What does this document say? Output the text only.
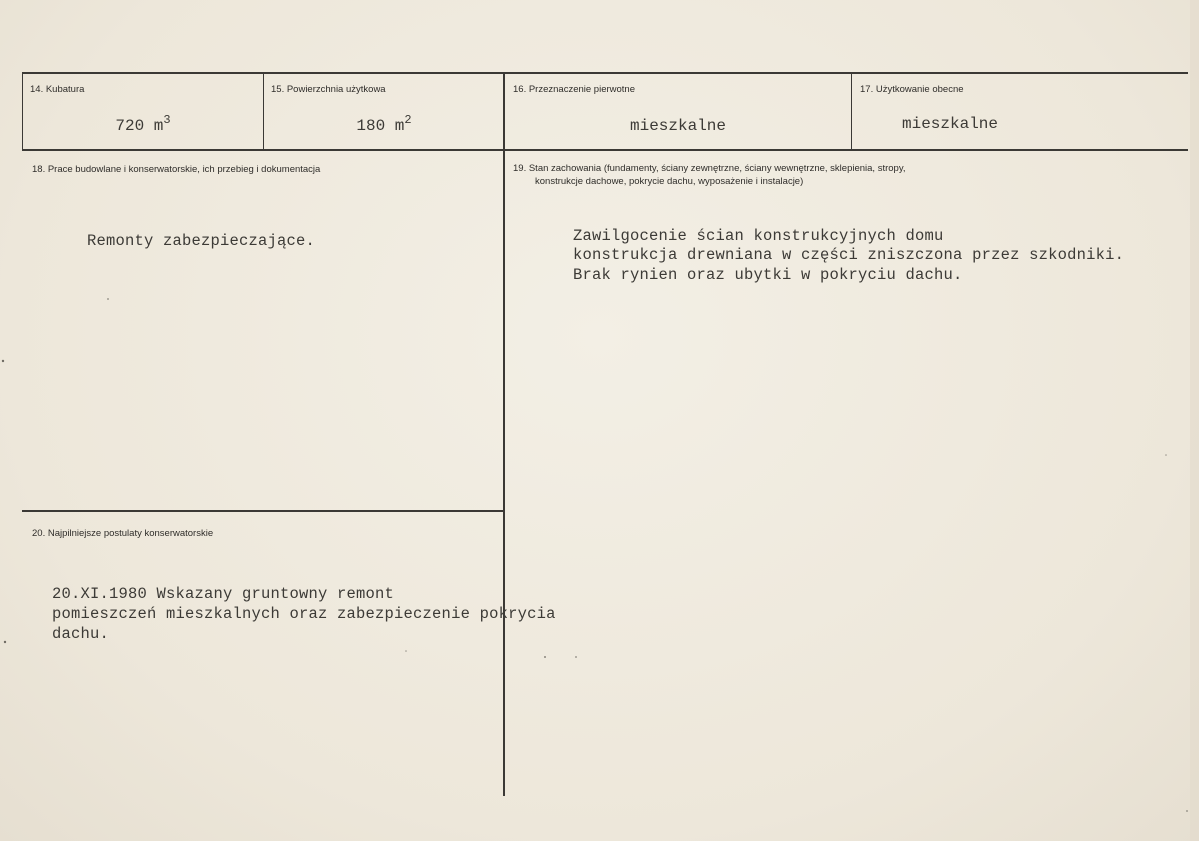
14. Kubatura
720 $m^3$
15. Powierzchnia użytkowa
180 $m^2$
16. Przeznaczenie pierwotne
mieszkalne
17. Użytkowanie obecne
mieszkalne
18. Prace budowlane i konserwatorskie, ich przebieg i dokumentacja
Remonty zabezpieczające.
19. Stan zachowania (fundamenty, ściany zewnętrzne, ściany wewnętrzne, sklepienia, stropy,
konstrukcje dachowe, pokrycie dachu, wyposażenie i instalacje)
Zawilgocenie ścian konstrukcyjnych domu
konstrukcja drewniana w części zniszczona przez szkodniki.
Brak rynien oraz ubytki w pokryciu dachu.
20. Najpilniejsze postulaty konserwatorskie
20.XI.1980 Wskazany gruntowny remont
pomieszczeń mieszkalnych oraz zabezpieczenie pokrycia
dachu.
